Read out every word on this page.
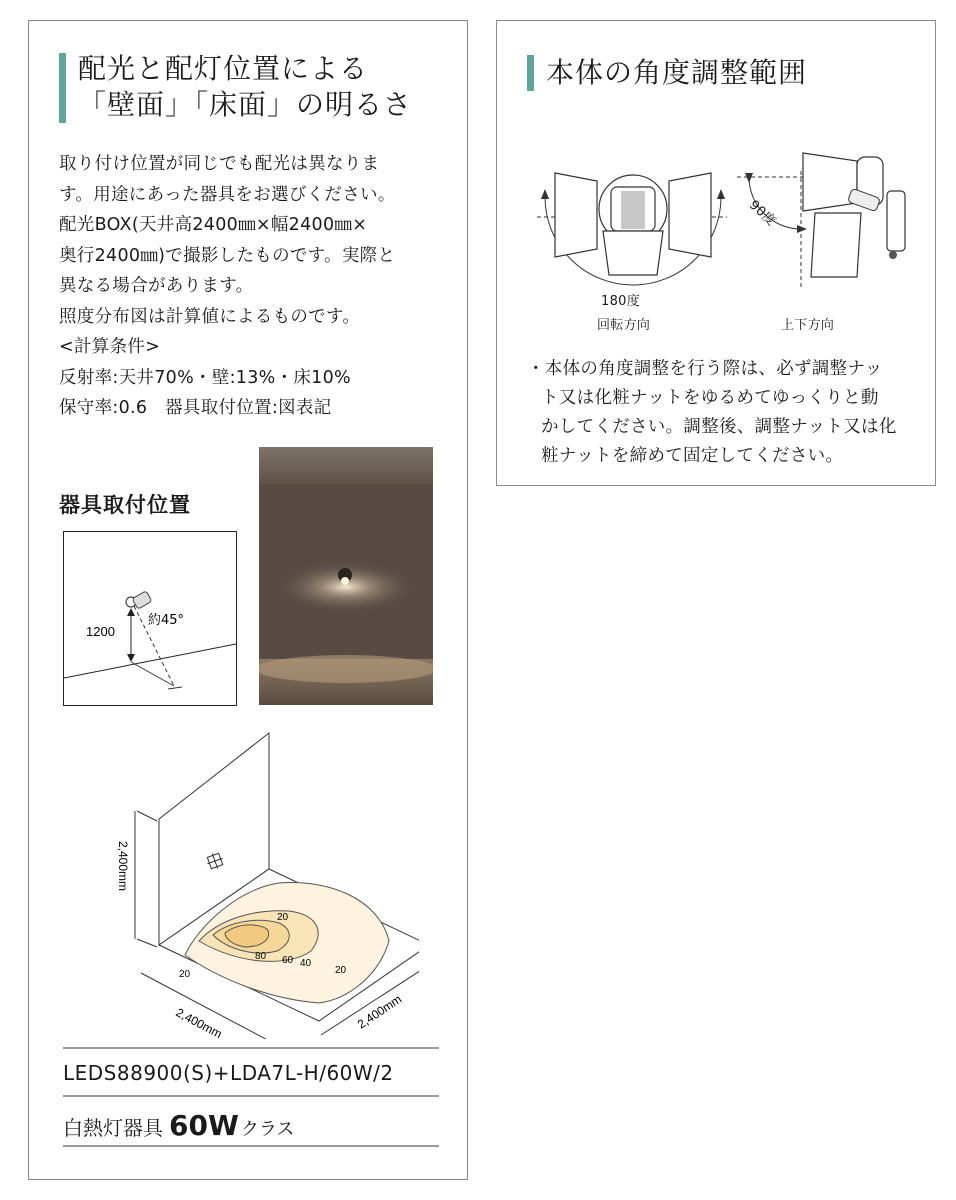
配光と配灯位置による
「壁面」「床面」の明るさ
取り付け位置が同じでも配光は異なりま
す。用途にあった器具をお選びください。
配光BOX(天井高2400㎜×幅2400㎜×
奥行2400㎜)で撮影したものです。実際と
異なる場合があります。
照度分布図は計算値によるものです。
<計算条件>
反射率:天井70%・壁:13%・床10%
保守率:0.6　器具取付位置:図表記
器具取付位置
1200
約45°
80 60 40
20
20	20
2,400mm
2,400mm	2,400mm
LEDS88900(S)+LDA7L-H/60W/2
白熱灯器具 60W クラス
本体の角度調整範囲
180度
回転方向
90度
上下方向
・本体の角度調整を行う際は、必ず調整ナッ
ト又は化粧ナットをゆるめてゆっくりと動
かしてください。調整後、調整ナット又は化
粧ナットを締めて固定してください。
